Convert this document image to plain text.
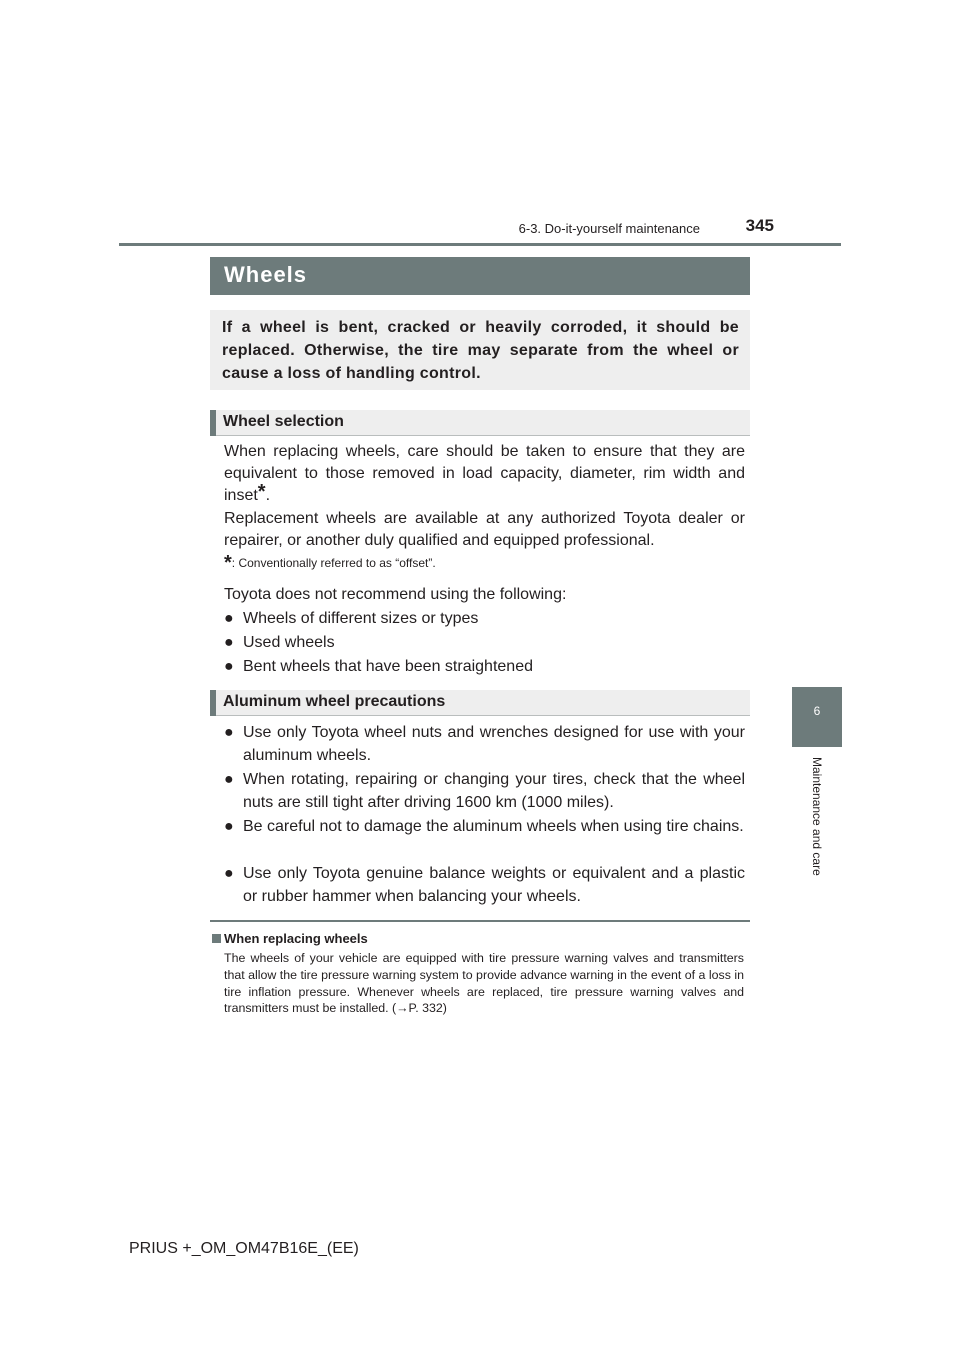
6-3. Do-it-yourself maintenance	345
6
Maintenance and care
Wheels
If a wheel is bent, cracked or heavily corroded, it should be replaced. Otherwise, the tire may separate from the wheel or cause a loss of handling control.
Wheel selection
When replacing wheels, care should be taken to ensure that they are
equivalent to those removed in load capacity, diameter, rim width and
inset*.
Replacement wheels are available at any authorized Toyota dealer or repairer, or another duly qualified and equipped professional.
*: Conventionally referred to as “offset”.
Toyota does not recommend using the following:
● Wheels of different sizes or types
● Used wheels
● Bent wheels that have been straightened
Aluminum wheel precautions
● Use only Toyota wheel nuts and wrenches designed for use with your aluminum wheels.
● When rotating, repairing or changing your tires, check that the wheel nuts are still tight after driving 1600 km (1000 miles).
● Be careful not to damage the aluminum wheels when using tire chains.
● Use only Toyota genuine balance weights or equivalent and a plastic or rubber hammer when balancing your wheels.
When replacing wheels
The wheels of your vehicle are equipped with tire pressure warning valves and transmitters that allow the tire pressure warning system to provide advance warning in the event of a loss in tire inflation pressure. Whenever wheels are replaced, tire pressure warning valves and transmitters must be installed. (→P. 332)
PRIUS +_OM_OM47B16E_(EE)
